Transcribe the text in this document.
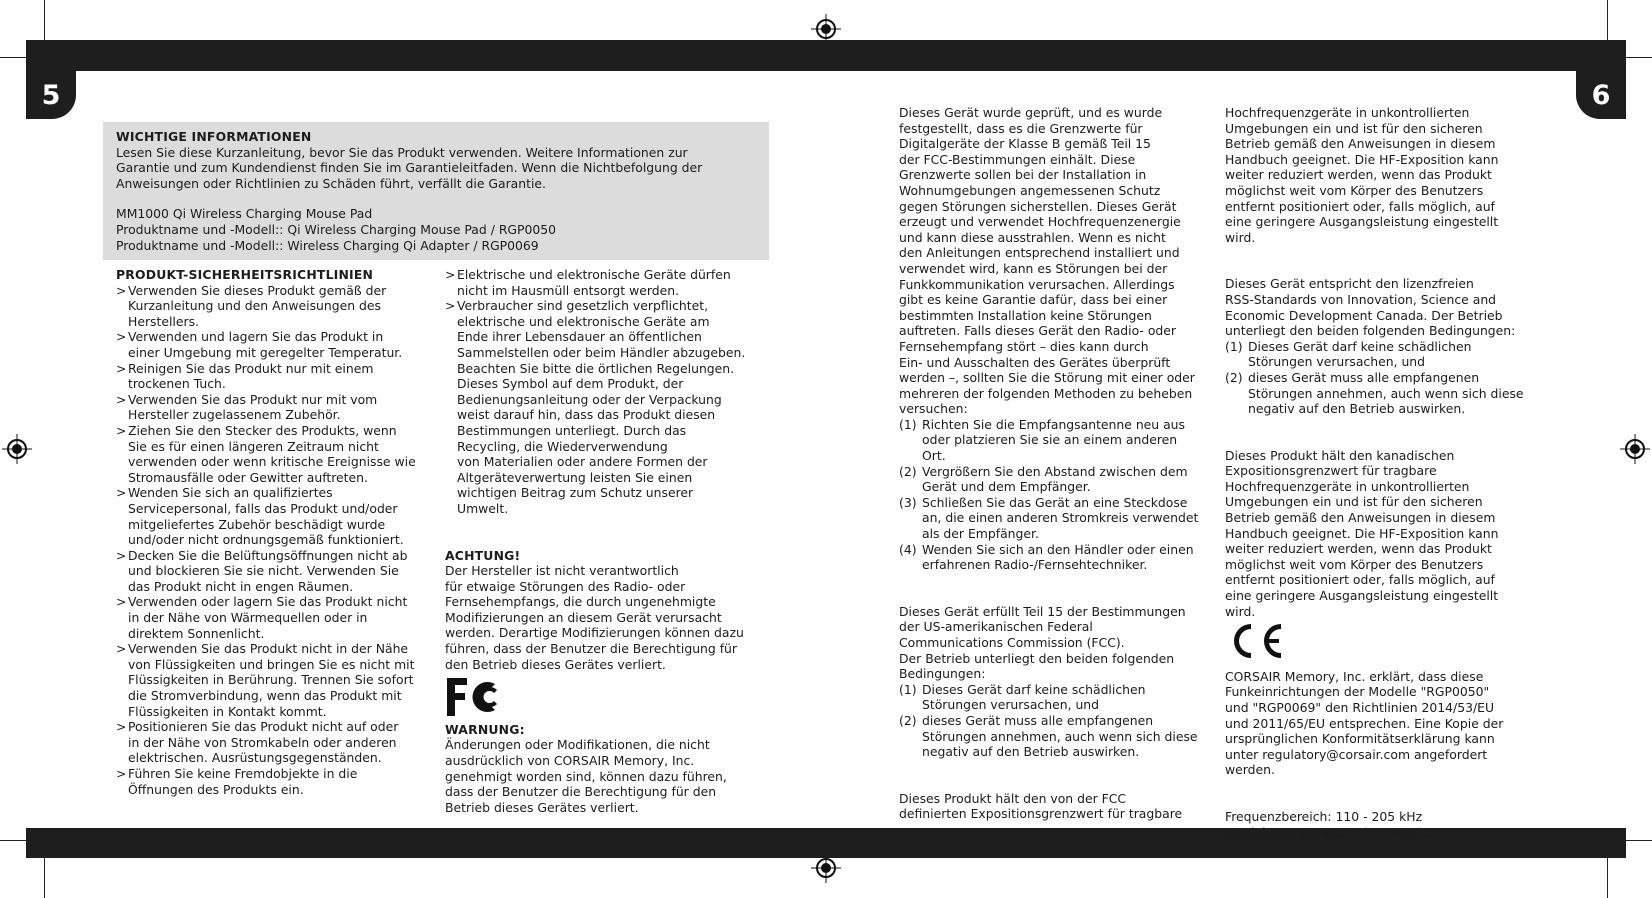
5	6
WICHTIGE INFORMATIONEN
Lesen Sie diese Kurzanleitung, bevor Sie das Produkt verwenden. Weitere Informationen zur
Garantie und zum Kundendienst finden Sie im Garantieleitfaden. Wenn die Nichtbefolgung der
Anweisungen oder Richtlinien zu Schäden führt, verfällt die Garantie.
MM1000 Qi Wireless Charging Mouse Pad
Produktname und -Modell:: Qi Wireless Charging Mouse Pad / RGP0050
Produktname und -Modell:: Wireless Charging Qi Adapter / RGP0069
PRODUKT-SICHERHEITSRICHTLINIEN
> Verwenden Sie dieses Produkt gemäß der
Kurzanleitung und den Anweisungen des
Herstellers.
> Verwenden und lagern Sie das Produkt in
einer Umgebung mit geregelter Temperatur.
> Reinigen Sie das Produkt nur mit einem
trockenen Tuch.
> Verwenden Sie das Produkt nur mit vom
Hersteller zugelassenem Zubehör.
> Ziehen Sie den Stecker des Produkts, wenn
Sie es für einen längeren Zeitraum nicht
verwenden oder wenn kritische Ereignisse wie
Stromausfälle oder Gewitter auftreten.
> Wenden Sie sich an qualifiziertes
Servicepersonal, falls das Produkt und/oder
mitgeliefertes Zubehör beschädigt wurde
und/oder nicht ordnungsgemäß funktioniert.
> Decken Sie die Belüftungsöffnungen nicht ab
und blockieren Sie sie nicht. Verwenden Sie
das Produkt nicht in engen Räumen.
> Verwenden oder lagern Sie das Produkt nicht
in der Nähe von Wärmequellen oder in
direktem Sonnenlicht.
> Verwenden Sie das Produkt nicht in der Nähe
von Flüssigkeiten und bringen Sie es nicht mit
Flüssigkeiten in Berührung. Trennen Sie sofort
die Stromverbindung, wenn das Produkt mit
Flüssigkeiten in Kontakt kommt.
> Positionieren Sie das Produkt nicht auf oder
in der Nähe von Stromkabeln oder anderen
elektrischen. Ausrüstungsgegenständen.
> Führen Sie keine Fremdobjekte in die
Öffnungen des Produkts ein.
> Elektrische und elektronische Geräte dürfen
nicht im Hausmüll entsorgt werden.
> Verbraucher sind gesetzlich verpflichtet,
elektrische und elektronische Geräte am
Ende ihrer Lebensdauer an öffentlichen
Sammelstellen oder beim Händler abzugeben.
Beachten Sie bitte die örtlichen Regelungen.
Dieses Symbol auf dem Produkt, der
Bedienungsanleitung oder der Verpackung
weist darauf hin, dass das Produkt diesen
Bestimmungen unterliegt. Durch das
Recycling, die Wiederverwendung
von Materialien oder andere Formen der
Altgeräteverwertung leisten Sie einen
wichtigen Beitrag zum Schutz unserer
Umwelt.
ACHTUNG!
Der Hersteller ist nicht verantwortlich
für etwaige Störungen des Radio- oder
Fernsehempfangs, die durch ungenehmigte
Modifizierungen an diesem Gerät verursacht
werden. Derartige Modifizierungen können dazu
führen, dass der Benutzer die Berechtigung für
den Betrieb dieses Gerätes verliert.
WARNUNG:
Änderungen oder Modifikationen, die nicht
ausdrücklich von CORSAIR Memory, Inc.
genehmigt worden sind, können dazu führen,
dass der Benutzer die Berechtigung für den
Betrieb dieses Gerätes verliert.
Dieses Gerät wurde geprüft, und es wurde
festgestellt, dass es die Grenzwerte für
Digitalgeräte der Klasse B gemäß Teil 15
der FCC-Bestimmungen einhält. Diese
Grenzwerte sollen bei der Installation in
Wohnumgebungen angemessenen Schutz
gegen Störungen sicherstellen. Dieses Gerät
erzeugt und verwendet Hochfrequenzenergie
und kann diese ausstrahlen. Wenn es nicht
den Anleitungen entsprechend installiert und
verwendet wird, kann es Störungen bei der
Funkkommunikation verursachen. Allerdings
gibt es keine Garantie dafür, dass bei einer
bestimmten Installation keine Störungen
auftreten. Falls dieses Gerät den Radio- oder
Fernsehempfang stört – dies kann durch
Ein- und Ausschalten des Gerätes überprüft
werden –, sollten Sie die Störung mit einer oder
mehreren der folgenden Methoden zu beheben
versuchen:
(1) Richten Sie die Empfangsantenne neu aus
oder platzieren Sie sie an einem anderen
Ort.
(2) Vergrößern Sie den Abstand zwischen dem
Gerät und dem Empfänger.
(3) Schließen Sie das Gerät an eine Steckdose
an, die einen anderen Stromkreis verwendet
als der Empfänger.
(4) Wenden Sie sich an den Händler oder einen
erfahrenen Radio-/Fernsehtechniker.
Dieses Gerät erfüllt Teil 15 der Bestimmungen
der US-amerikanischen Federal
Communications Commission (FCC).
Der Betrieb unterliegt den beiden folgenden
Bedingungen:
(1) Dieses Gerät darf keine schädlichen
Störungen verursachen, und
(2) dieses Gerät muss alle empfangenen
Störungen annehmen, auch wenn sich diese
negativ auf den Betrieb auswirken.
Dieses Produkt hält den von der FCC
definierten Expositionsgrenzwert für tragbare
Hochfrequenzgeräte in unkontrollierten
Umgebungen ein und ist für den sicheren
Betrieb gemäß den Anweisungen in diesem
Handbuch geeignet. Die HF-Exposition kann
weiter reduziert werden, wenn das Produkt
möglichst weit vom Körper des Benutzers
entfernt positioniert oder, falls möglich, auf
eine geringere Ausgangsleistung eingestellt
wird.
Dieses Gerät entspricht den lizenzfreien
RSS-Standards von Innovation, Science and
Economic Development Canada. Der Betrieb
unterliegt den beiden folgenden Bedingungen:
(1) Dieses Gerät darf keine schädlichen
Störungen verursachen, und
(2) dieses Gerät muss alle empfangenen
Störungen annehmen, auch wenn sich diese
negativ auf den Betrieb auswirken.
Dieses Produkt hält den kanadischen
Expositionsgrenzwert für tragbare
Hochfrequenzgeräte in unkontrollierten
Umgebungen ein und ist für den sicheren
Betrieb gemäß den Anweisungen in diesem
Handbuch geeignet. Die HF-Exposition kann
weiter reduziert werden, wenn das Produkt
möglichst weit vom Körper des Benutzers
entfernt positioniert oder, falls möglich, auf
eine geringere Ausgangsleistung eingestellt
wird.
CORSAIR Memory, Inc. erklärt, dass diese
Funkeinrichtungen der Modelle "RGP0050"
und "RGP0069" den Richtlinien 2014/53/EU
und 2011/65/EU entsprechen. Eine Kopie der
ursprünglichen Konformitätserklärung kann
unter regulatory@corsair.com angefordert
werden.
Frequenzbereich: 110 - 205 kHz
Betriebstemperatur: 0°C - +40°C
